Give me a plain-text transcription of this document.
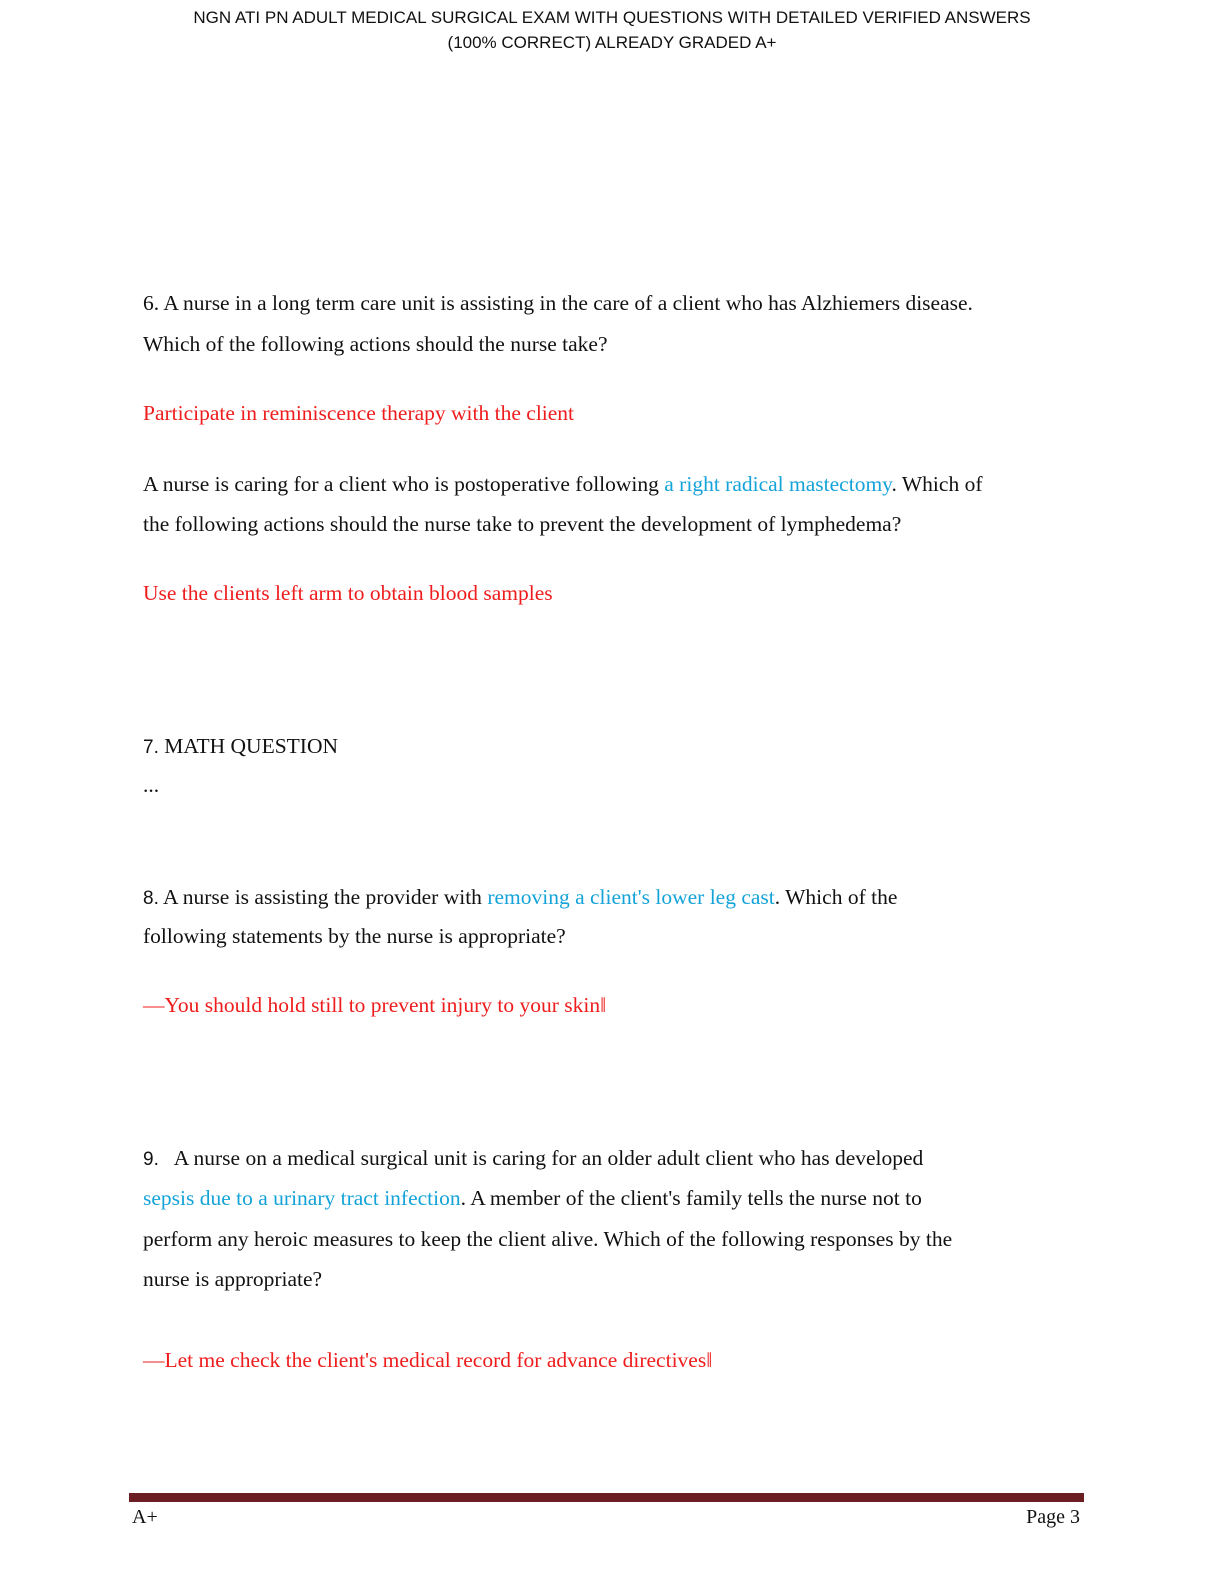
NGN ATI PN ADULT MEDICAL SURGICAL EXAM WITH QUESTIONS WITH DETAILED VERIFIED ANSWERS
(100% CORRECT) ALREADY GRADED A+
6. A nurse in a long term care unit is assisting in the care of a client who has Alzhiemers disease.
Which of the following actions should the nurse take?
Participate in reminiscence therapy with the client
A nurse is caring for a client who is postoperative following a right radical mastectomy. Which of
the following actions should the nurse take to prevent the development of lymphedema?
Use the clients left arm to obtain blood samples
7. MATH QUESTION
...
8. A nurse is assisting the provider with removing a client's lower leg cast. Which of the
following statements by the nurse is appropriate?
—You should hold still to prevent injury to your skin‖
9.   A nurse on a medical surgical unit is caring for an older adult client who has developed
sepsis due to a urinary tract infection. A member of the client's family tells the nurse not to
perform any heroic measures to keep the client alive. Which of the following responses by the
nurse is appropriate?
—Let me check the client's medical record for advance directives‖
A+	Page 3
